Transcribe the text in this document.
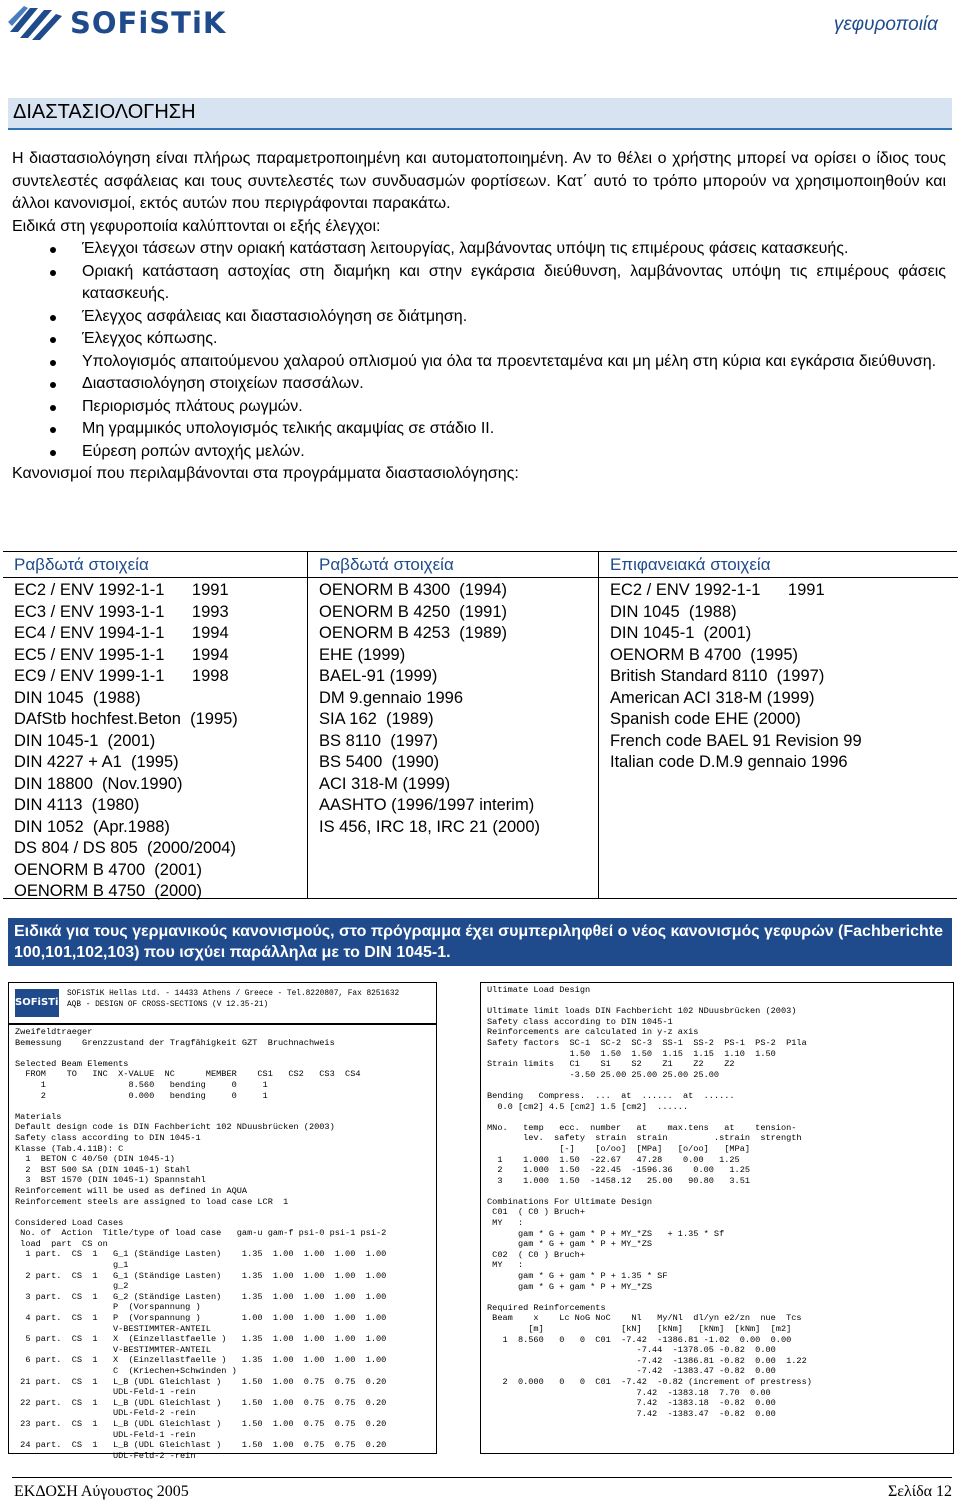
SOFiSTiK	γεφυροποιία
ΔΙΑΣΤΑΣΙΟΛΟΓΗΣΗ

Η διαστασιολόγηση είναι πλήρως παραμετροποιημένη και αυτοματοποιημένη. Αν το θέλει ο χρήστης μπορεί να ορίσει ο ίδιος τους συντελεστές ασφάλειας και τους συντελεστές των συνδυασμών φορτίσεων. Κατ΄ αυτό το τρόπο μπορούν να χρησιμοποιηθούν και άλλοι κανονισμοί, εκτός αυτών που περιγράφονται παρακάτω.

Ειδικά στη γεφυροποιία καλύπτονται οι εξής έλεγχοι:

Έλεγχοι τάσεων στην οριακή κατάσταση λειτουργίας, λαμβάνοντας υπόψη τις επιμέρους φάσεις κατασκευής.
Οριακή κατάσταση αστοχίας στη διαμήκη και στην εγκάρσια διεύθυνση, λαμβάνοντας υπόψη τις επιμέρους φάσεις κατασκευής.
Έλεγχος ασφάλειας και διαστασιολόγηση σε διάτμηση.
Έλεγχος κόπωσης.
Υπολογισμός απαιτούμενου χαλαρού οπλισμού για όλα τα προεντεταμένα και μη μέλη στη κύρια και εγκάρσια διεύθυνση.
Διαστασιολόγηση στοιχείων πασσάλων.
Περιορισμός πλάτους ρωγμών.
Μη γραμμικός υπολογισμός τελικής ακαμψίας σε στάδιο ΙΙ.
Εύρεση ροπών αντοχής μελών.

Κανονισμοί που περιλαμβάνονται στα προγράμματα διαστασιολόγησης:

Ραβδωτά στοιχεία
EC2 / ENV 1992-1-1      1991
EC3 / ENV 1993-1-1      1993
EC4 / ENV 1994-1-1      1994
EC5 / ENV 1995-1-1      1994
EC9 / ENV 1999-1-1      1998
DIN 1045  (1988)
DAfStb hochfest.Beton  (1995)
DIN 1045-1  (2001)
DIN 4227 + A1  (1995)
DIN 18800  (Nov.1990)
DIN 4113  (1980)
DIN 1052  (Apr.1988)
DS 804 / DS 805  (2000/2004)
OENORM B 4700  (2001)
OENORM B 4750  (2000)
Ραβδωτά στοιχεία
OENORM B 4300  (1994)
OENORM B 4250  (1991)
OENORM B 4253  (1989)
EHE (1999)
BAEL-91 (1999)
DM 9.gennaio 1996
SIA 162  (1989)
BS 8110  (1997)
BS 5400  (1990)
ACI 318-M (1999)
AASHTO (1996/1997 interim)
IS 456, IRC 18, IRC 21 (2000)
Επιφανειακά στοιχεία
EC2 / ENV 1992-1-1      1991
DIN 1045  (1988)
DIN 1045-1  (2001)
OENORM B 4700  (1995)
British Standard 8110  (1997)
American ACI 318-M (1999)
Spanish code EHE (2000)
French code BAEL 91 Revision 99
Italian code D.M.9 gennaio 1996
Ειδικά για τους γερμανικούς κανονισμούς, στο πρόγραμμα έχει συμπεριληφθεί ο νέος κανονισμός γεφυρών (Fachberichte 100,101,102,103) που ισχύει παράλληλα με το DIN 1045-1.
SOFiSTiK
SOFiSTiK Hellas Ltd. - 14433 Athens / Greece - Tel.8220807, Fax 8251632
AQB - DESIGN OF CROSS-SECTIONS (V 12.35-21)
Zweifeldtraeger
Bemessung    Grenzzustand der Tragfähigkeit GZT  Bruchnachweis

Selected Beam Elements
FROM    TO   INC  X-VALUE  NC      MEMBER    CS1   CS2   CS3  CS4
1                8.560   bending     0     1
2                0.000   bending     0     1

Materials
Default design code is DIN Fachbericht 102 NDuusbrücken (2003)
Safety class according to DIN 1045-1
Klasse (Tab.4.11B): C
1  BETON C 40/50 (DIN 1045-1)
2  BST 500 SA (DIN 1045-1) Stahl
3  BST 1570 (DIN 1045-1) Spannstahl
Reinforcement will be used as defined in AQUA
Reinforcement steels are assigned to load case LCR  1

Considered Load Cases
No. of  Action  Title/type of load case   gam-u gam-f psi-0 psi-1 psi-2
load  part  CS on
1 part.  CS  1   G_1 (Ständige Lasten)    1.35  1.00  1.00  1.00  1.00
g_1
2 part.  CS  1   G_1 (Ständige Lasten)    1.35  1.00  1.00  1.00  1.00
g_2
3 part.  CS  1   G_2 (Ständige Lasten)    1.35  1.00  1.00  1.00  1.00
P  (Vorspannung )
4 part.  CS  1   P  (Vorspannung )        1.00  1.00  1.00  1.00  1.00
V-BESTIMMTER-ANTEIL
5 part.  CS  1   X  (Einzellastfaelle )   1.35  1.00  1.00  1.00  1.00
V-BESTIMMTER-ANTEIL
6 part.  CS  1   X  (Einzellastfaelle )   1.35  1.00  1.00  1.00  1.00
C  (Kriechen+Schwinden )
21 part.  CS  1   L_B (UDL Gleichlast )    1.50  1.00  0.75  0.75  0.20
UDL-Feld-1 -rein
22 part.  CS  1   L_B (UDL Gleichlast )    1.50  1.00  0.75  0.75  0.20
UDL-Feld-2 -rein
23 part.  CS  1   L_B (UDL Gleichlast )    1.50  1.00  0.75  0.75  0.20
UDL-Feld-1 -rein
24 part.  CS  1   L_B (UDL Gleichlast )    1.50  1.00  0.75  0.75  0.20
UDL-Feld-2 -rein
Ultimate Load Design

Ultimate limit loads DIN Fachbericht 102 NDuusbrücken (2003)
Safety class according to DIN 1045-1
Reinforcements are calculated in y-z axis
Safety factors  SC-1  SC-2  SC-3  SS-1  SS-2  PS-1  PS-2  P1la
1.50  1.50  1.50  1.15  1.15  1.10  1.50
Strain limits   C1    S1    S2    Z1    Z2    Z2
-3.50 25.00 25.00 25.00 25.00

Bending   Compress.  ...  at  ......  at  ......
0.0 [cm2] 4.5 [cm2] 1.5 [cm2]  ......

MNo.   temp   ecc.  number   at    max.tens   at    tension-
lev.  safety  strain  strain         .strain  strength
[-]    [o/oo]  [MPa]   [o/oo]   [MPa]
1    1.000  1.50  -22.67   47.28    0.00   1.25
2    1.000  1.50  -22.45  -1596.36    0.00   1.25
3    1.000  1.50  -1458.12   25.00   90.80   3.51

Combinations For Ultimate Design
C01  ( C0 ) Bruch+
MY   :
gam * G + gam * P + MY_*ZS   + 1.35 * Sf
gam * G + gam * P + MY_*ZS
C02  ( C0 ) Bruch+
MY   :
gam * G + gam * P + 1.35 * SF
gam * G + gam * P + MY_*ZS

Required Reinforcements
Beam    x    Lc NoG NoC    Nl   My/Nl  dl/yn e2/zn  nue  Tcs
[m]               [kN]   [kNm]   [kNm]  [kNm]  [m2]
1  8.560   0   0  C01  -7.42  -1386.81 -1.02  0.00  0.00
-7.44  -1378.05 -0.82  0.00
-7.42  -1386.81 -0.82  0.00  1.22
-7.42  -1383.47 -0.82  0.00
2  0.000   0   0  C01  -7.42  -0.82 (increment of prestress)
7.42  -1383.18  7.70  0.00
7.42  -1383.18  -0.82  0.00
7.42  -1383.47  -0.82  0.00
ΕΚΔΟΣΗ Αύγουστος 2005	Σελίδα 12
